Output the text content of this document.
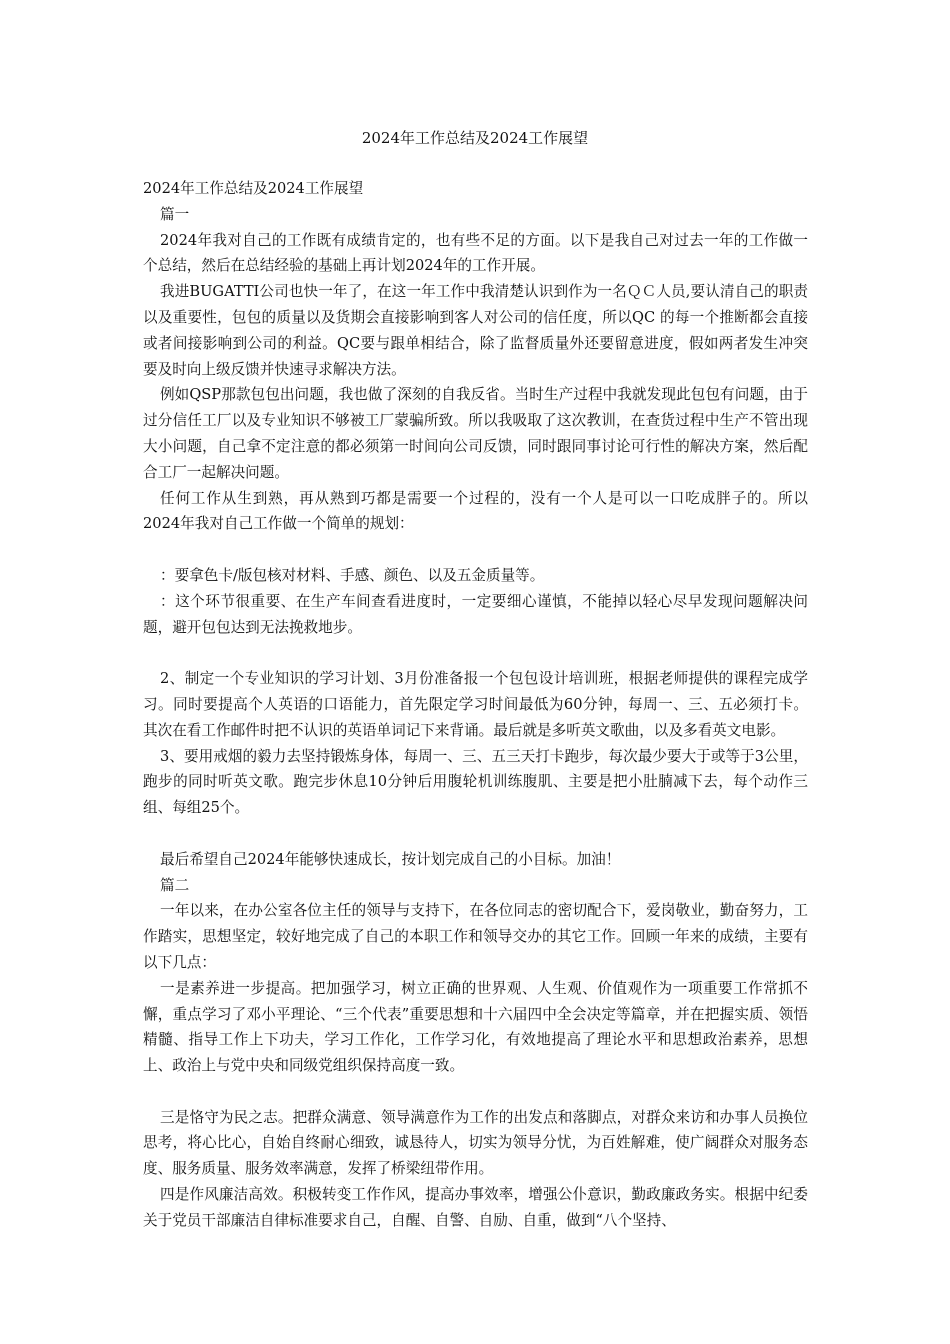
2024年工作总结及2024工作展望

2024年工作总结及2024工作展望

篇一

2024年我对自己的工作既有成绩肯定的，也有些不足的方面。以下是我自己对过去一年的工作做一个总结，然后在总结经验的基础上再计划2024年的工作开展。

我进BUGATTI公司也快一年了，在这一年工作中我清楚认识到作为一名ＱＣ人员,要认清自己的职责以及重要性，包包的质量以及货期会直接影响到客人对公司的信任度，所以QC 的每一个推断都会直接或者间接影响到公司的利益。QC要与跟单相结合，除了监督质量外还要留意进度，假如两者发生冲突要及时向上级反馈并快速寻求解决方法。

例如QSP那款包包出问题，我也做了深刻的自我反省。当时生产过程中我就发现此包包有问题，由于过分信任工厂以及专业知识不够被工厂蒙骗所致。所以我吸取了这次教训，在查货过程中生产不管出现大小问题，自己拿不定注意的都必须第一时间向公司反馈，同时跟同事讨论可行性的解决方案，然后配合工厂一起解决问题。

任何工作从生到熟，再从熟到巧都是需要一个过程的，没有一个人是可以一口吃成胖子的。所以2024年我对自己工作做一个简单的规划：

：要拿色卡/版包核对材料、手感、颜色、以及五金质量等。

：这个环节很重要、在生产车间查看进度时，一定要细心谨慎，不能掉以轻心尽早发现问题解决问题，避开包包达到无法挽救地步。

2、制定一个专业知识的学习计划、3月份准备报一个包包设计培训班，根据老师提供的课程完成学习。同时要提高个人英语的口语能力，首先限定学习时间最低为60分钟，每周一、三、五必须打卡。 其次在看工作邮件时把不认识的英语单词记下来背诵。最后就是多听英文歌曲，以及多看英文电影。

3、要用戒烟的毅力去坚持锻炼身体，每周一、三、五三天打卡跑步，每次最少要大于或等于3公里，跑步的同时听英文歌。跑完步休息10分钟后用腹轮机训练腹肌、主要是把小肚腩减下去，每个动作三组、每组25个。

最后希望自己2024年能够快速成长，按计划完成自己的小目标。加油！

篇二

一年以来，在办公室各位主任的领导与支持下，在各位同志的密切配合下，爱岗敬业，勤奋努力，工作踏实，思想坚定，较好地完成了自己的本职工作和领导交办的其它工作。回顾一年来的成绩，主要有以下几点：

一是素养进一步提高。把加强学习，树立正确的世界观、人生观、价值观作为一项重要工作常抓不懈，重点学习了邓小平理论、“三个代表”重要思想和十六届四中全会决定等篇章，并在把握实质、领悟精髓、指导工作上下功夫，学习工作化，工作学习化，有效地提高了理论水平和思想政治素养，思想上、政治上与党中央和同级党组织保持高度一致。

三是恪守为民之志。把群众满意、领导满意作为工作的出发点和落脚点，对群众来访和办事人员换位思考，将心比心，自始自终耐心细致，诚恳待人，切实为领导分忧，为百姓解难，使广阔群众对服务态度、服务质量、服务效率满意，发挥了桥梁纽带作用。

四是作风廉洁高效。积极转变工作作风，提高办事效率，增强公仆意识，勤政廉政务实。根据中纪委关于党员干部廉洁自律标准要求自己，自醒、自警、自励、自重，做到“八个坚持、
